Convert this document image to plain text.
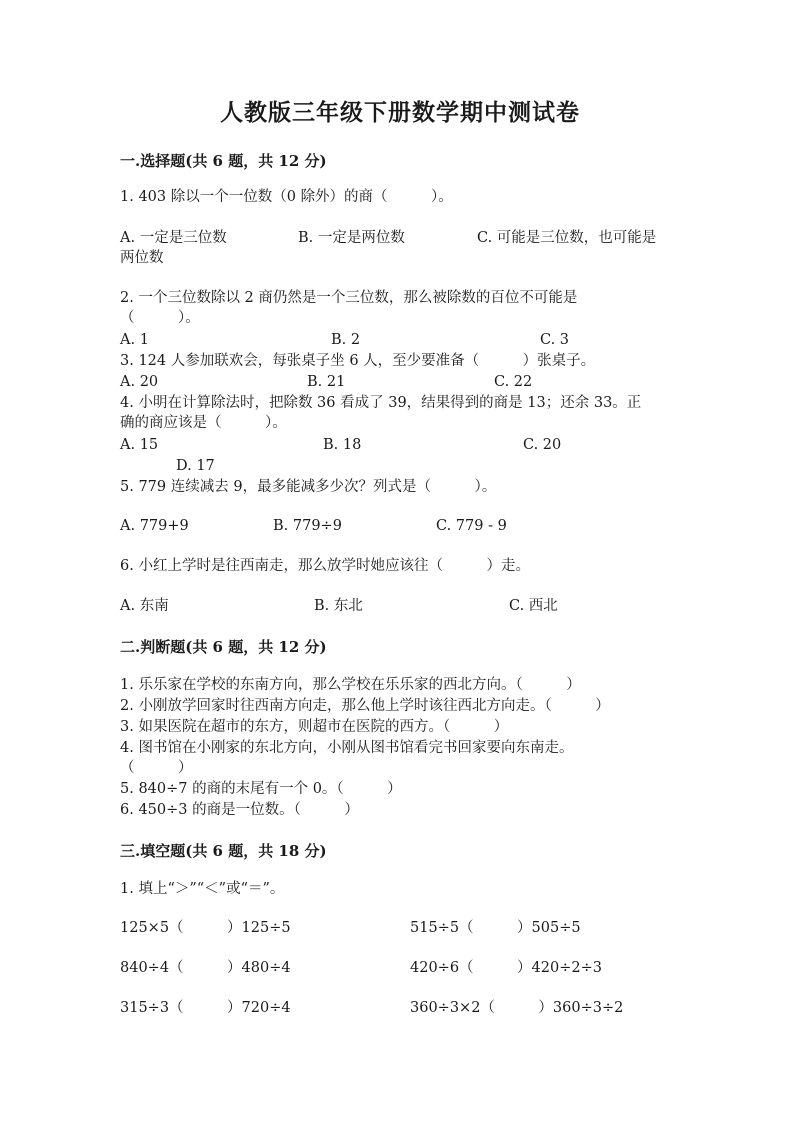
人教版三年级下册数学期中测试卷
一.选择题(共 6 题，共 12 分)
1. 403 除以一个一位数（0 除外）的商（　　　）。
A. 一定是三位数	B. 一定是两位数	C. 可能是三位数，也可能是
两位数
2. 一个三位数除以 2 商仍然是一个三位数，那么被除数的百位不可能是
（　　　）。
A. 1	B. 2	C. 3
3. 124 人参加联欢会，每张桌子坐 6 人，至少要准备（　　　）张桌子。
A. 20	B. 21	C. 22
4. 小明在计算除法时，把除数 36 看成了 39，结果得到的商是 13；还余 33。正
确的商应该是（　　　）。
A. 15	B. 18	C. 20
D. 17
5. 779 连续减去 9，最多能减多少次？列式是（　　　）。
A. 779+9	B. 779÷9	C. 779 - 9
6. 小红上学时是往西南走，那么放学时她应该往（　　　）走。
A. 东南	B. 东北	C. 西北
二.判断题(共 6 题，共 12 分)
1. 乐乐家在学校的东南方向，那么学校在乐乐家的西北方向。（　　　）
2. 小刚放学回家时往西南方向走，那么他上学时该往西北方向走。（　　　）
3. 如果医院在超市的东方，则超市在医院的西方。（　　　）
4. 图书馆在小刚家的东北方向，小刚从图书馆看完书回家要向东南走。
（　　　）
5. 840÷7 的商的末尾有一个 0。（　　　）
6. 450÷3 的商是一位数。（　　　）
三.填空题(共 6 题，共 18 分)
1. 填上“＞”“＜”或“＝”。
125×5（　　　）125÷5	515÷5（　　　）505÷5
840÷4（　　　）480÷4	420÷6（　　　）420÷2÷3
315÷3（　　　）720÷4	360÷3×2（　　　）360÷3÷2
